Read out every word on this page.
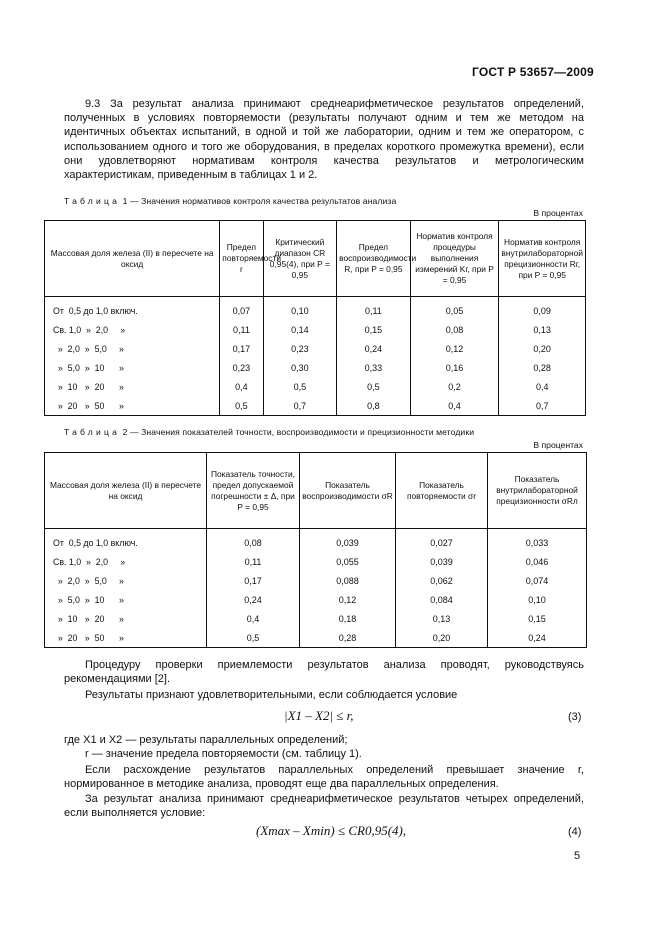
ГОСТ Р 53657—2009
9.3 За результат анализа принимают среднеарифметическое результатов определений, полученных в условиях повторяемости (результаты получают одним и тем же методом на идентичных объектах испытаний, в одной и той же лаборатории, одним и тем же оператором, с использованием одного и того же оборудования, в пределах короткого промежутка времени), если они удовлетворяют нормативам контроля качества результатов и метрологическим характеристикам, приведенным в таблицах 1 и 2.
Таблица 1 — Значения нормативов контроля качества результатов анализа
В процентах
Массовая доля железа (II) в пересчете на оксид	Предел повторяемости r	Критический диапазон CR 0,95(4), при P = 0,95	Предел воспроизводимости R, при P = 0,95	Норматив контроля процедуры выполнения измерений Kг, при P = 0,95	Норматив контроля внутрилабораторной прецизионности Rг, при P = 0,95
От  0,5 до 1,0 включ.	0,07	0,10	0,11	0,05	0,09
Св. 1,0  »  2,0     »	0,11	0,14	0,15	0,08	0,13
»  2,0  »  5,0     »	0,17	0,23	0,24	0,12	0,20
»  5,0  »  10      »	0,23	0,30	0,33	0,16	0,28
»  10   »  20      »	0,4	0,5	0,5	0,2	0,4
»  20   »  50      »	0,5	0,7	0,8	0,4	0,7
Таблица 2 — Значения показателей точности, воспроизводимости и прецизионности методики
В процентах
Массовая доля железа (II) в пересчете на оксид	Показатель точности, предел допускаемой погрешности ± Δ, при P = 0,95	Показатель воспроизводимости σR	Показатель повторяемости σr	Показатель внутрилабораторной прецизионности σRл
От  0,5 до 1,0 включ.	0,08	0,039	0,027	0,033
Св. 1,0  »  2,0     »	0,11	0,055	0,039	0,046
»  2,0  »  5,0     »	0,17	0,088	0,062	0,074
»  5,0  »  10      »	0,24	0,12	0,084	0,10
»  10   »  20      »	0,4	0,18	0,13	0,15
»  20   »  50      »	0,5	0,28	0,20	0,24
Процедуру проверки приемлемости результатов анализа проводят, руководствуясь рекомендациями [2].
Результаты признают удовлетворительными, если соблюдается условие
|X1 – X2| ≤ r,	(3)
где X1 и X2 — результаты параллельных определений;
r — значение предела повторяемости (см. таблицу 1).
Если расхождение результатов параллельных определений превышает значение r, нормированное в методике анализа, проводят еще два параллельных определения.
За результат анализа принимают среднеарифметическое результатов четырех определений, если выполняется условие:
(Xmax – Xmin) ≤ CR0,95(4),	(4)
5
